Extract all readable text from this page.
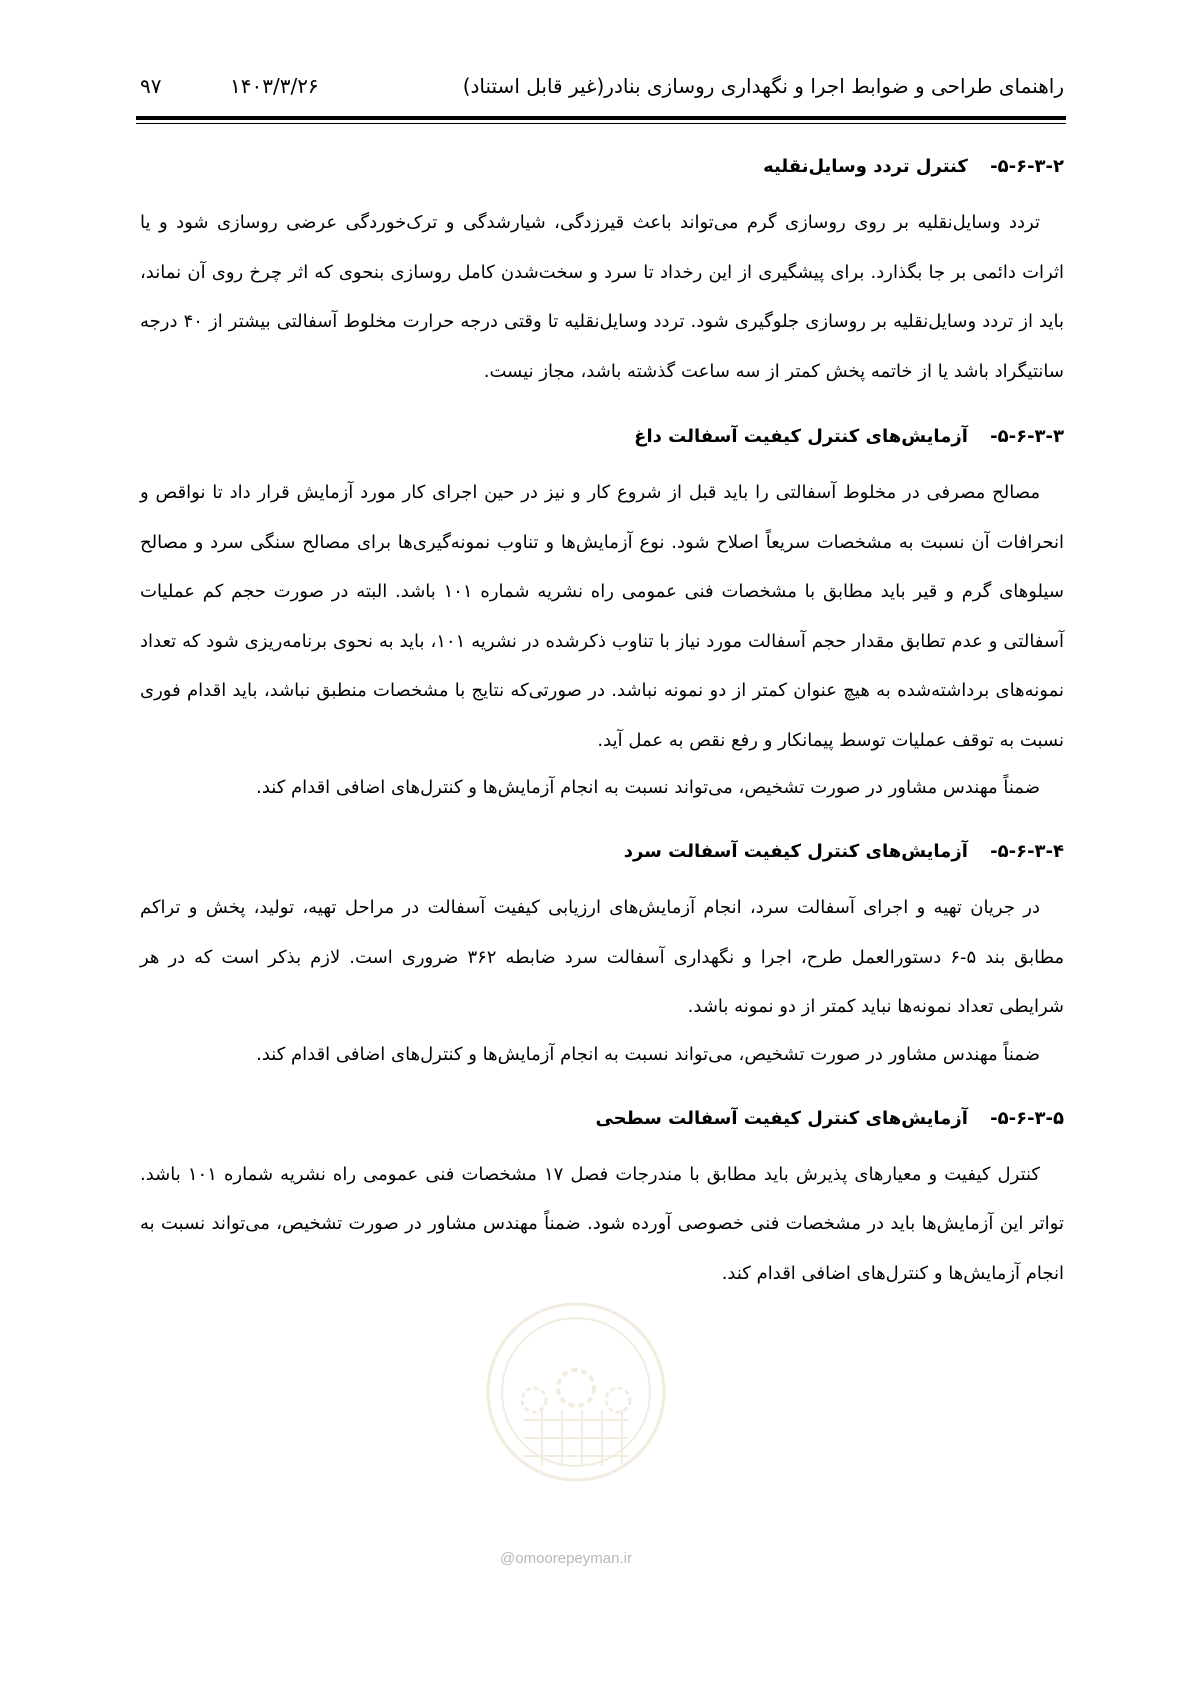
راهنمای طراحی و ضوابط اجرا و نگهداری روسازی بنادر(غیر قابل استناد)
۱۴۰۳/۳/۲۶
۹۷
۵-۶-۳-۲- کنترل تردد وسایل‌نقلیه

تردد وسایل‌نقلیه بر روی روسازی گرم می‌تواند باعث قیرزدگی، شیارشدگی و ترک‌خوردگی عرضی روسازی شود و یا اثرات دائمی بر جا بگذارد. برای پیشگیری از این رخداد تا سرد و سخت‌شدن کامل روسازی بنحوی که اثر چرخ روی آن نماند، باید از تردد وسایل‌نقلیه بر روسازی جلوگیری شود. تردد وسایل‌نقلیه تا وقتی درجه حرارت مخلوط آسفالتی بیشتر از ۴۰ درجه سانتیگراد باشد یا از خاتمه پخش کمتر از سه ساعت گذشته باشد، مجاز نیست.

۵-۶-۳-۳- آزمایش‌های کنترل کیفیت آسفالت داغ

مصالح مصرفی در مخلوط آسفالتی را باید قبل از شروع کار و نیز در حین اجرای کار مورد آزمایش قرار داد تا نواقص و انحرافات آن نسبت به مشخصات سریعاً اصلاح شود. نوع آزمایش‌ها و تناوب نمونه‌گیری‌ها برای مصالح سنگی سرد و مصالح سیلوهای گرم و قیر باید مطابق با مشخصات فنی عمومی راه نشریه شماره ۱۰۱ باشد. البته در صورت حجم کم عملیات آسفالتی و عدم تطابق مقدار حجم آسفالت مورد نیاز با تناوب ذکرشده در نشریه ۱۰۱، باید به نحوی برنامه‌ریزی شود که تعداد نمونه‌های برداشته‌شده به هیچ عنوان کمتر از دو نمونه نباشد. در صورتی‌که نتایج با مشخصات منطبق نباشد، باید اقدام فوری نسبت به توقف عملیات توسط پیمانکار و رفع نقص به عمل آید.

ضمناً مهندس مشاور در صورت تشخیص، می‌تواند نسبت به انجام آزمایش‌ها و کنترل‌های اضافی اقدام کند.

۵-۶-۳-۴- آزمایش‌های کنترل کیفیت آسفالت سرد

در جریان تهیه و اجرای آسفالت سرد، انجام آزمایش‌های ارزیابی کیفیت آسفالت در مراحل تهیه، تولید، پخش و تراکم مطابق بند ۵-۶ دستورالعمل طرح، اجرا و نگهداری آسفالت سرد ضابطه ۳۶۲ ضروری است. لازم بذکر است که در هر شرایطی تعداد نمونه‌ها نباید کمتر از دو نمونه باشد.

ضمناً مهندس مشاور در صورت تشخیص، می‌تواند نسبت به انجام آزمایش‌ها و کنترل‌های اضافی اقدام کند.

۵-۶-۳-۵- آزمایش‌های کنترل کیفیت آسفالت سطحی

کنترل کیفیت و معیارهای پذیرش باید مطابق با مندرجات فصل ۱۷ مشخصات فنی عمومی راه نشریه شماره ۱۰۱ باشد. تواتر این آزمایش‌ها باید در مشخصات فنی خصوصی آورده شود. ضمناً مهندس مشاور در صورت تشخیص، می‌تواند نسبت به انجام آزمایش‌ها و کنترل‌های اضافی اقدام کند.

@omoorepeyman.ir
